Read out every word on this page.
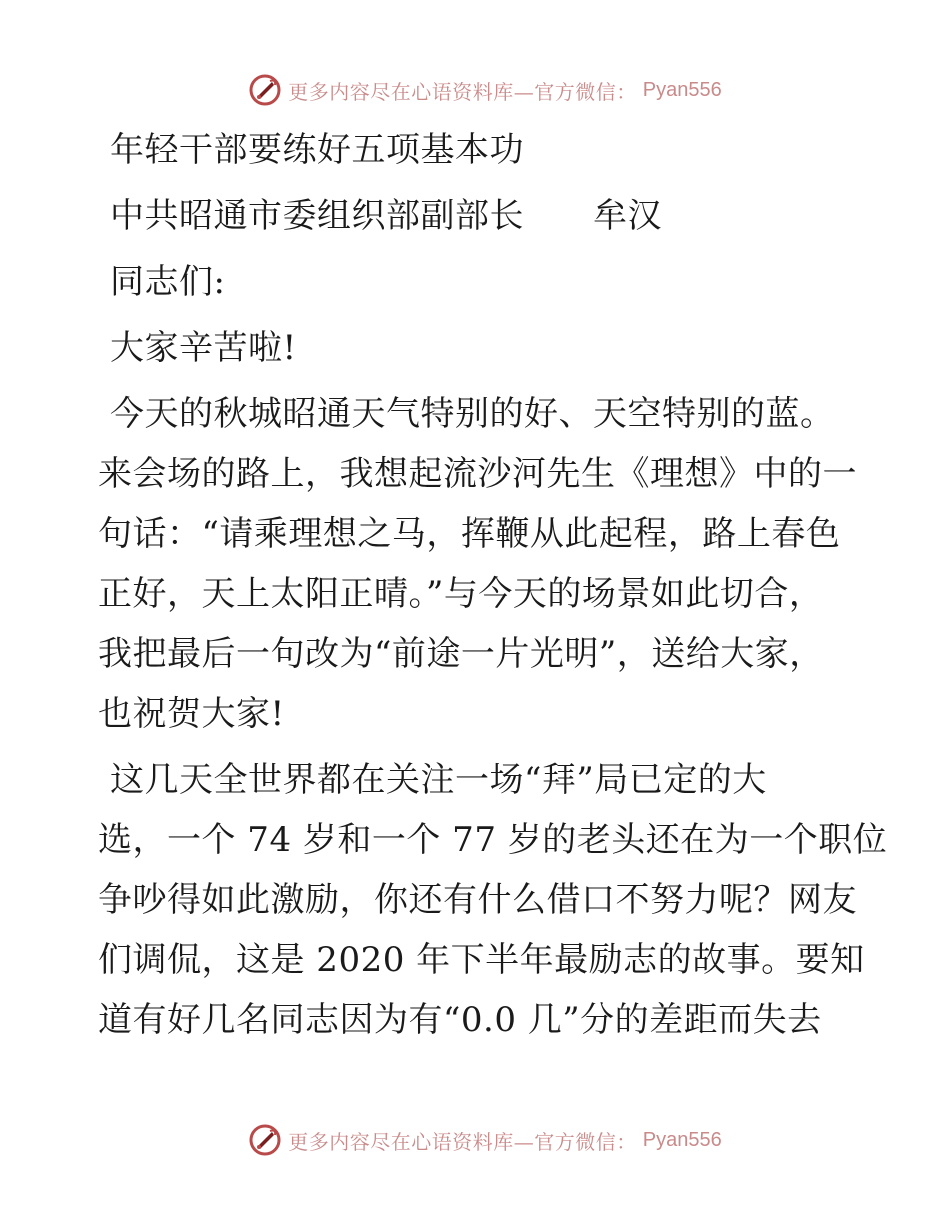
更多内容尽在心语资料库—官方微信： Pyan556
年轻干部要练好五项基本功
中共昭通市委组织部副部长　　牟汉
同志们:
大家辛苦啦!
今天的秋城昭通天气特别的好、天空特别的蓝。
来会场的路上，我想起流沙河先生《理想》中的一
句话：“请乘理想之马，挥鞭从此起程，路上春色
正好，天上太阳正晴。”与今天的场景如此切合，
我把最后一句改为“前途一片光明”，送给大家，
也祝贺大家!
这几天全世界都在关注一场“拜”局已定的大
选，一个 74 岁和一个 77 岁的老头还在为一个职位
争吵得如此激励，你还有什么借口不努力呢？网友
们调侃，这是 2020 年下半年最励志的故事。要知
道有好几名同志因为有“0.0 几”分的差距而失去
更多内容尽在心语资料库—官方微信： Pyan556
